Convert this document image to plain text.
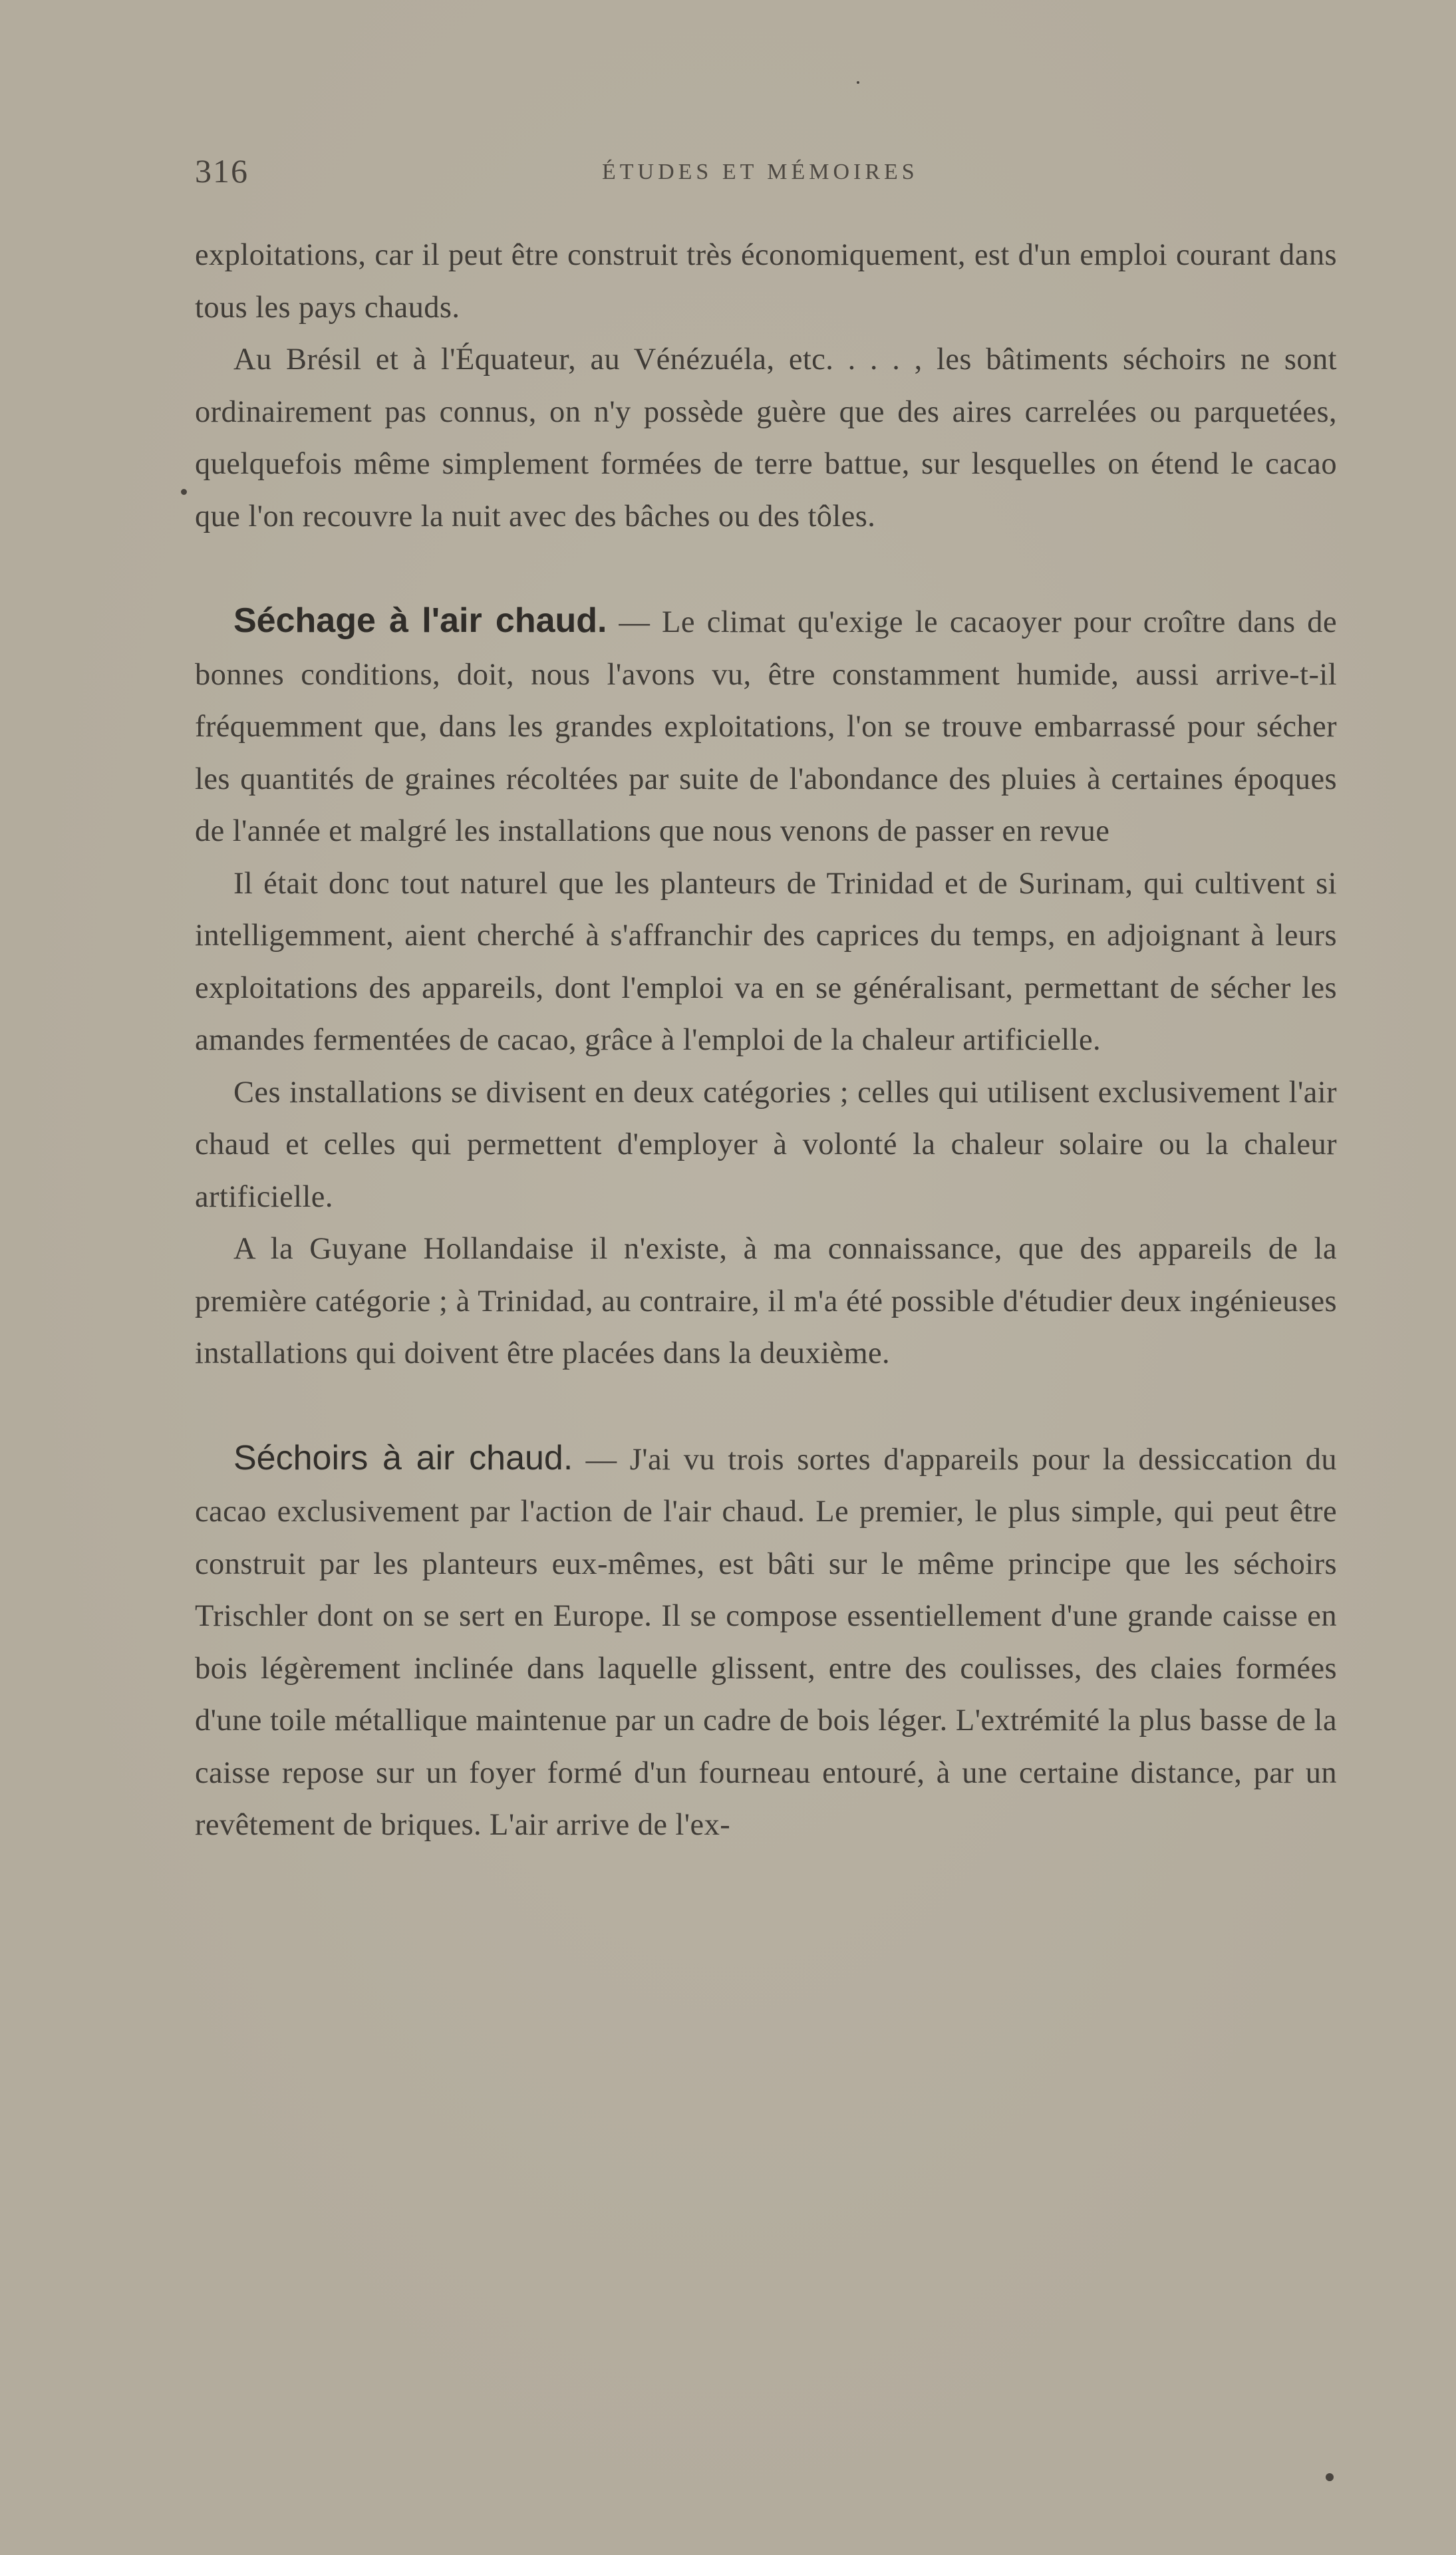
316	ÉTUDES ET MÉMOIRES

exploitations, car il peut être construit très économiquement, est d'un emploi courant dans tous les pays chauds.

Au Brésil et à l'Équateur, au Vénézuéla, etc. . . . , les bâtiments séchoirs ne sont ordinairement pas connus, on n'y possède guère que des aires carrelées ou parquetées, quelquefois même simplement formées de terre battue, sur lesquelles on étend le cacao que l'on recouvre la nuit avec des bâches ou des tôles.

Séchage à l'air chaud. — Le climat qu'exige le cacaoyer pour croître dans de bonnes conditions, doit, nous l'avons vu, être constamment humide, aussi arrive-t-il fréquemment que, dans les grandes exploitations, l'on se trouve embarrassé pour sécher les quantités de graines récoltées par suite de l'abondance des pluies à certaines époques de l'année et malgré les installations que nous venons de passer en revue

Il était donc tout naturel que les planteurs de Trinidad et de Surinam, qui cultivent si intelligemment, aient cherché à s'affranchir des caprices du temps, en adjoignant à leurs exploitations des appareils, dont l'emploi va en se généralisant, permettant de sécher les amandes fermentées de cacao, grâce à l'emploi de la chaleur artificielle.

Ces installations se divisent en deux catégories ; celles qui utilisent exclusivement l'air chaud et celles qui permettent d'employer à volonté la chaleur solaire ou la chaleur artificielle.

A la Guyane Hollandaise il n'existe, à ma connaissance, que des appareils de la première catégorie ; à Trinidad, au contraire, il m'a été possible d'étudier deux ingénieuses installations qui doivent être placées dans la deuxième.

Séchoirs à air chaud. — J'ai vu trois sortes d'appareils pour la dessiccation du cacao exclusivement par l'action de l'air chaud. Le premier, le plus simple, qui peut être construit par les planteurs eux-mêmes, est bâti sur le même principe que les séchoirs Trischler dont on se sert en Europe. Il se compose essentiellement d'une grande caisse en bois légèrement inclinée dans laquelle glissent, entre des coulisses, des claies formées d'une toile métallique maintenue par un cadre de bois léger. L'extrémité la plus basse de la caisse repose sur un foyer formé d'un fourneau entouré, à une certaine distance, par un revêtement de briques. L'air arrive de l'ex-
